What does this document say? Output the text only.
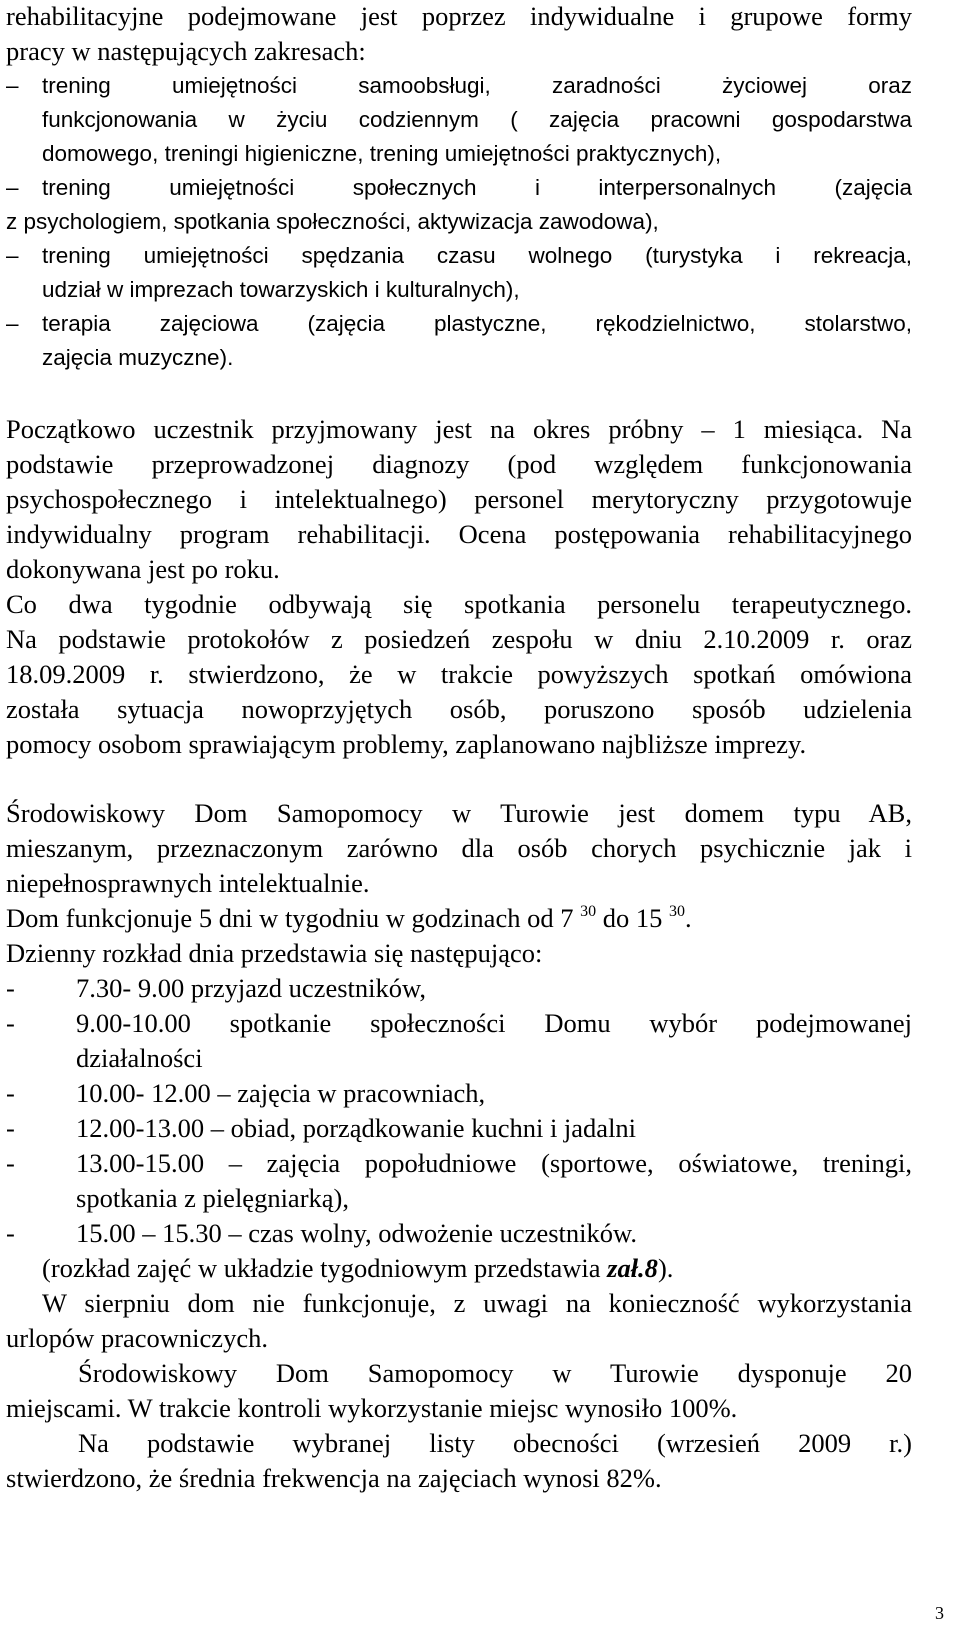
rehabilitacyjne podejmowane jest poprzez indywidualne i grupowe formy
pracy w następujących zakresach:
–	trening umiejętności samoobsługi, zaradności życiowej oraz
funkcjonowania w życiu codziennym ( zajęcia pracowni gospodarstwa
domowego, treningi higieniczne, trening umiejętności praktycznych),
–	trening umiejętności społecznych i interpersonalnych (zajęcia
z psychologiem, spotkania społeczności, aktywizacja zawodowa),
–	trening umiejętności spędzania czasu wolnego (turystyka i rekreacja,
udział w imprezach towarzyskich i kulturalnych),
–	terapia zajęciowa (zajęcia plastyczne, rękodzielnictwo, stolarstwo,
zajęcia muzyczne).
Początkowo uczestnik przyjmowany jest na okres próbny – 1 miesiąca. Na
podstawie przeprowadzonej diagnozy (pod względem funkcjonowania
psychospołecznego i intelektualnego) personel merytoryczny przygotowuje
indywidualny program rehabilitacji. Ocena postępowania rehabilitacyjnego
dokonywana jest po roku.
Co dwa tygodnie odbywają się spotkania personelu terapeutycznego.
Na podstawie protokołów z posiedzeń zespołu w dniu 2.10.2009 r. oraz
18.09.2009 r. stwierdzono, że w trakcie powyższych spotkań omówiona
została sytuacja nowoprzyjętych osób, poruszono sposób udzielenia
pomocy osobom sprawiającym problemy, zaplanowano najbliższe imprezy.
Środowiskowy Dom Samopomocy w Turowie jest domem typu AB,
mieszanym, przeznaczonym zarówno dla osób chorych psychicznie jak i
niepełnosprawnych intelektualnie.
Dom funkcjonuje 5 dni w tygodniu w godzinach od 7 $^{30}$ do 15 $^{30}$.
Dzienny rozkład dnia przedstawia się następująco:
-	7.30- 9.00 przyjazd uczestników,
-	9.00-10.00 spotkanie społeczności Domu wybór podejmowanej
działalności
-	10.00- 12.00 – zajęcia w pracowniach,
-	12.00-13.00 – obiad, porządkowanie kuchni i jadalni
-	13.00-15.00 – zajęcia popołudniowe (sportowe, oświatowe, treningi,
spotkania z pielęgniarką),
-	15.00 – 15.30 – czas wolny, odwożenie uczestników.
(rozkład zajęć w układzie tygodniowym przedstawia zał.8).
W sierpniu dom nie funkcjonuje, z uwagi na konieczność wykorzystania
urlopów pracowniczych.
Środowiskowy Dom Samopomocy w Turowie dysponuje 20
miejscami. W trakcie kontroli wykorzystanie miejsc wynosiło 100%.
Na podstawie wybranej listy obecności (wrzesień 2009 r.)
stwierdzono, że średnia frekwencja na zajęciach wynosi 82%.
3
